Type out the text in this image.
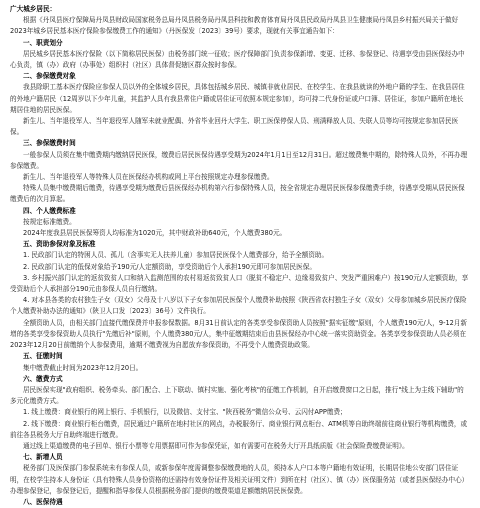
广大城乡居民：

根据《丹凤县医疗保障局丹凤县财政局国家税务总局丹凤县税务局丹凤县科技和教育体育局丹凤县民政局丹凤县卫生健康局丹凤县乡村振兴局关于做好2023年城乡居民基本医疗保险参保缴费工作的通知》（丹医保发〔2023〕39号）要求，现就有关事宜通告如下：

一、职责划分

居民城乡居民基本医疗保险（以下简称居民医保）由税务部门统一征收；医疗保障部门负责参保新增、变更、迁移、参保登记、待遇享受由县医保经办中心负责，镇（办）政府（办事处）组织村（社区）具体督促辖区群众按时参保。

二、参保缴费对象

我县除职工基本医疗保险应参保人员以外的全体城乡居民，具体包括城乡居民、城镇非就业居民、在校学生、在我县就读的外地户籍的学生、在我县居住的外地户籍居民（12周岁以下少年儿童，其监护人具有我县常住户籍或居住证可依照本规定参加），均可持二代身份证或户口簿、居住证，参加户籍所在地长期居住地的居民医保。

新生儿、当年退役军人、当年退役军人随军未就业配偶、外省毕业回丹大学生、职工医保停保人员、刑满释放人员、失联人员等均可按规定参加居民医保。

三、参保缴费时间

一般参保人员须在集中缴费期内缴纳居民医保，缴费后居民医保待遇享受期为2024年1月1日至12月31日。超过缴费集中期的，除特殊人员外，不再办理参保缴费。

新生儿、当年退役军人等特殊人员在医保经办机构或网上平台按照规定办理参保缴费。

特殊人员集中缴费期后缴费，待遇享受期为缴费后县医保经办机构第六行参保特殊人员，按全省规定办理居民医保参保缴费手续，待遇享受期从居民医保缴费后的次月算起。

四、个人缴费标准

按规定标准缴费。

2024年度我县居民医保筹资人均标准为1020元，其中财政补助640元，个人缴费380元。

五、资助参保对象及标准

1. 民政部门认定的特困人员、孤儿（含事实无人扶养儿童）参加居民医保个人缴费部分，给予全额资助。

2. 民政部门认定的低保对象给予190元/人定额资助，享受资助后个人承担190元即可参加居民医保。

3. 乡村振兴部门认定的返贫致贫人口和纳入监测范围的农村易返贫致贫人口（脱贫不稳定户、边缘易致贫户、突发严重困难户）按190元/人定额资助，享受资助后个人承担部分190元由参保人员自行缴纳。

4. 对本县各类的农村独生子女（双女）父母及十八岁以下子女参加居民医保个人缴费补助按照《陕西省农村独生子女（双女）父母参加城乡居民医疗保险个人缴费补助办法的通知》（陕卫人口发〔2023〕36号）文件执行。

全额资助人员，由相关部门直接代缴保费并申报参保数据。8月31日前认定的各类享受参保资助人员按照"据实征缴"原则，个人缴费190元/人，9-12月新增的各类享受参保资助人员执行"先缴后补"原则，个人缴费380元/人，集中征缴期结束后由县医保经办中心统一落实资助资金。各类享受参保资助人员必须在2023年12月20日前缴纳个人参保费用，逾期不缴费视为自愿放弃参保资助，不再受个人缴费资助政策。

五、征缴时间

集中缴费截止时间为2023年12月20日。

六、缴费方式

居民医保实现"政府组织、税务牵头、部门配合、上下联动、镇村实施、强化考核"的征缴工作机制，自开启缴费窗口之日起，推行"线上为主线下辅助"的多元化缴费方式。

1. 线上缴费：商业银行的网上银行、手机银行，以及微信、支付宝、"陕西税务"微信公众号、云闪付APP缴费；

2. 线下缴费：商业银行柜台缴费，居民通过户籍所在地村社区的网点，办税服务厅、商业银行网点柜台、ATM机等自助终端前往商业银行等机构缴费，或前往各县税务大厅自助终端进行缴费。

通过线上渠道缴费的电子回单、银行小票等专用票据即可作为参保凭证，如有需要可在税务大厅开具纸质版《社会保险费缴费证明》。

七、新增人员

税务部门及医保部门参保系统未有参保人员，或新参保年度需调整参保缴费地的人员，须持本人户口本等户籍地有效证明，长期居住地公安部门居住证明，在校学生持本人身份证（具有特殊人员身份资格的还需持有效身份证件及相关证明文件）到所在村（社区）、镇（办）医保服务站（或者县医保经办中心）办理参保登记，参保登记后，提醒和指导参保人员根据税务部门提供的缴费渠道足额缴纳居民医保费。

八、医保待遇
